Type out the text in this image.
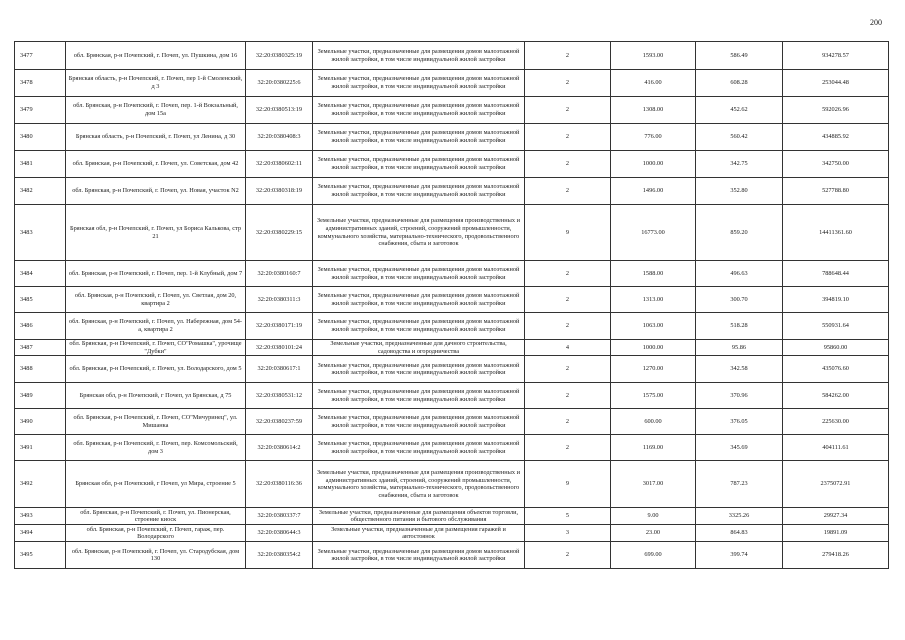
200
3477	обл. Брянская, р-н Почепский, г. Почеп, ул. Пушкина, дом 16	32:20:0380325:19	Земельные участки, предназначенные для размещения домов малоэтажной жилой застройки, в том числе индивидуальной жилой застройки	2	1593.00	586.49	934278.57
3478	Брянская область, р-н Почепский, г. Почеп, пер 1-й Смоленский, д 3	32:20:0380225:6	Земельные участки, предназначенные для размещения домов малоэтажной жилой застройки, в том числе индивидуальной жилой застройки	2	416.00	608.28	253044.48
3479	обл. Брянская, р-н Почепский, г. Почеп, пер. 1-й Вокзальный, дом 15а	32:20:0380513:19	Земельные участки, предназначенные для размещения домов малоэтажной жилой застройки, в том числе индивидуальной жилой застройки	2	1308.00	452.62	592026.96
3480	Брянская область, р-н Почепский, г. Почеп, ул Ленина, д 30	32:20:0380408:3	Земельные участки, предназначенные для размещения домов малоэтажной жилой застройки, в том числе индивидуальной жилой застройки	2	776.00	560.42	434885.92
3481	обл. Брянская, р-н Почепский, г. Почеп, ул. Советская, дом 42	32:20:0380602:11	Земельные участки, предназначенные для размещения домов малоэтажной жилой застройки, в том числе индивидуальной жилой застройки	2	1000.00	342.75	342750.00
3482	обл. Брянская, р-н Почепский, г. Почеп, ул. Новая, участок N2	32:20:0380318:19	Земельные участки, предназначенные для размещения домов малоэтажной жилой застройки, в том числе индивидуальной жилой застройки	2	1496.00	352.80	527788.80
3483	Брянская обл, р-н Почепский, г. Почеп, ул Бориса Калькова, стр 21	32:20:0380229:15	Земельные участки, предназначенные для размещения производственных и административных зданий, строений, сооружений промышленности, коммунального хозяйства, материально-технического, продовольственного снабжения, сбыта и заготовок	9	16773.00	859.20	14411361.60
3484	обл. Брянская, р-н Почепский, г. Почеп, пер. 1-й Клубный, дом 7	32:20:0380160:7	Земельные участки, предназначенные для размещения домов малоэтажной жилой застройки, в том числе индивидуальной жилой застройки	2	1588.00	496.63	788648.44
3485	обл. Брянская, р-н Почепский, г. Почеп, ул. Светлая, дом 20, квартира 2	32:20:0380311:3	Земельные участки, предназначенные для размещения домов малоэтажной жилой застройки, в том числе индивидуальной жилой застройки	2	1313.00	300.70	394819.10
3486	обл. Брянская, р-н Почепский, г. Почеп, ул. Набережная, дом 54-а, квартира 2	32:20:0380171:19	Земельные участки, предназначенные для размещения домов малоэтажной жилой застройки, в том числе индивидуальной жилой застройки	2	1063.00	518.28	550931.64
3487	обл. Брянская, р-н Почепский, г. Почеп, СО"Ромашка", урочище "Дубки"	32:20:0380101:24	Земельные участки, предназначенные для дачного строительства, садоводства и огородничества	4	1000.00	95.86	95860.00
3488	обл. Брянская, р-н Почепский, г. Почеп, ул. Володарского, дом 5	32:20:0380617:1	Земельные участки, предназначенные для размещения домов малоэтажной жилой застройки, в том числе индивидуальной жилой застройки	2	1270.00	342.58	435076.60
3489	Брянская обл, р-н Почепский, г Почеп, ул Брянская, д 75	32:20:0380531:12	Земельные участки, предназначенные для размещения домов малоэтажной жилой застройки, в том числе индивидуальной жилой застройки	2	1575.00	370.96	584262.00
3490	обл. Брянская, р-н Почепский, г. Почеп, СО"Мичуринец", ул. Мишанка	32:20:0380237:59	Земельные участки, предназначенные для размещения домов малоэтажной жилой застройки, в том числе индивидуальной жилой застройки	2	600.00	376.05	225630.00
3491	обл. Брянская, р-н Почепский, г. Почеп, пер. Комсомольский, дом 3	32:20:0380614:2	Земельные участки, предназначенные для размещения домов малоэтажной жилой застройки, в том числе индивидуальной жилой застройки	2	1169.00	345.69	404111.61
3492	Брянская обл, р-н Почепский, г Почеп, ул Мира, строение 5	32:20:0380116:36	Земельные участки, предназначенные для размещения производственных и административных зданий, строений, сооружений промышленности, коммунального хозяйства, материально-технического, продовольственного снабжения, сбыта и заготовок	9	3017.00	787.23	2375072.91
3493	обл. Брянская, р-н Почепский, г. Почеп, ул. Пионерская, строение киоск	32:20:0380337:7	Земельные участки, предназначенные для размещения объектов торговли, общественного питания и бытового обслуживания	5	9.00	3325.26	29927.34
3494	обл. Брянская, р-н Почепский, г. Почеп, гараж, пер. Володарского	32:20:0380644:3	Земельные участки, предназначенные для размещения гаражей и автостоянок	3	23.00	864.83	19891.09
3495	обл. Брянская, р-н Почепский, г. Почеп, ул. Стародубская, дом 130	32:20:0380354:2	Земельные участки, предназначенные для размещения домов малоэтажной жилой застройки, в том числе индивидуальной жилой застройки	2	699.00	399.74	279418.26
